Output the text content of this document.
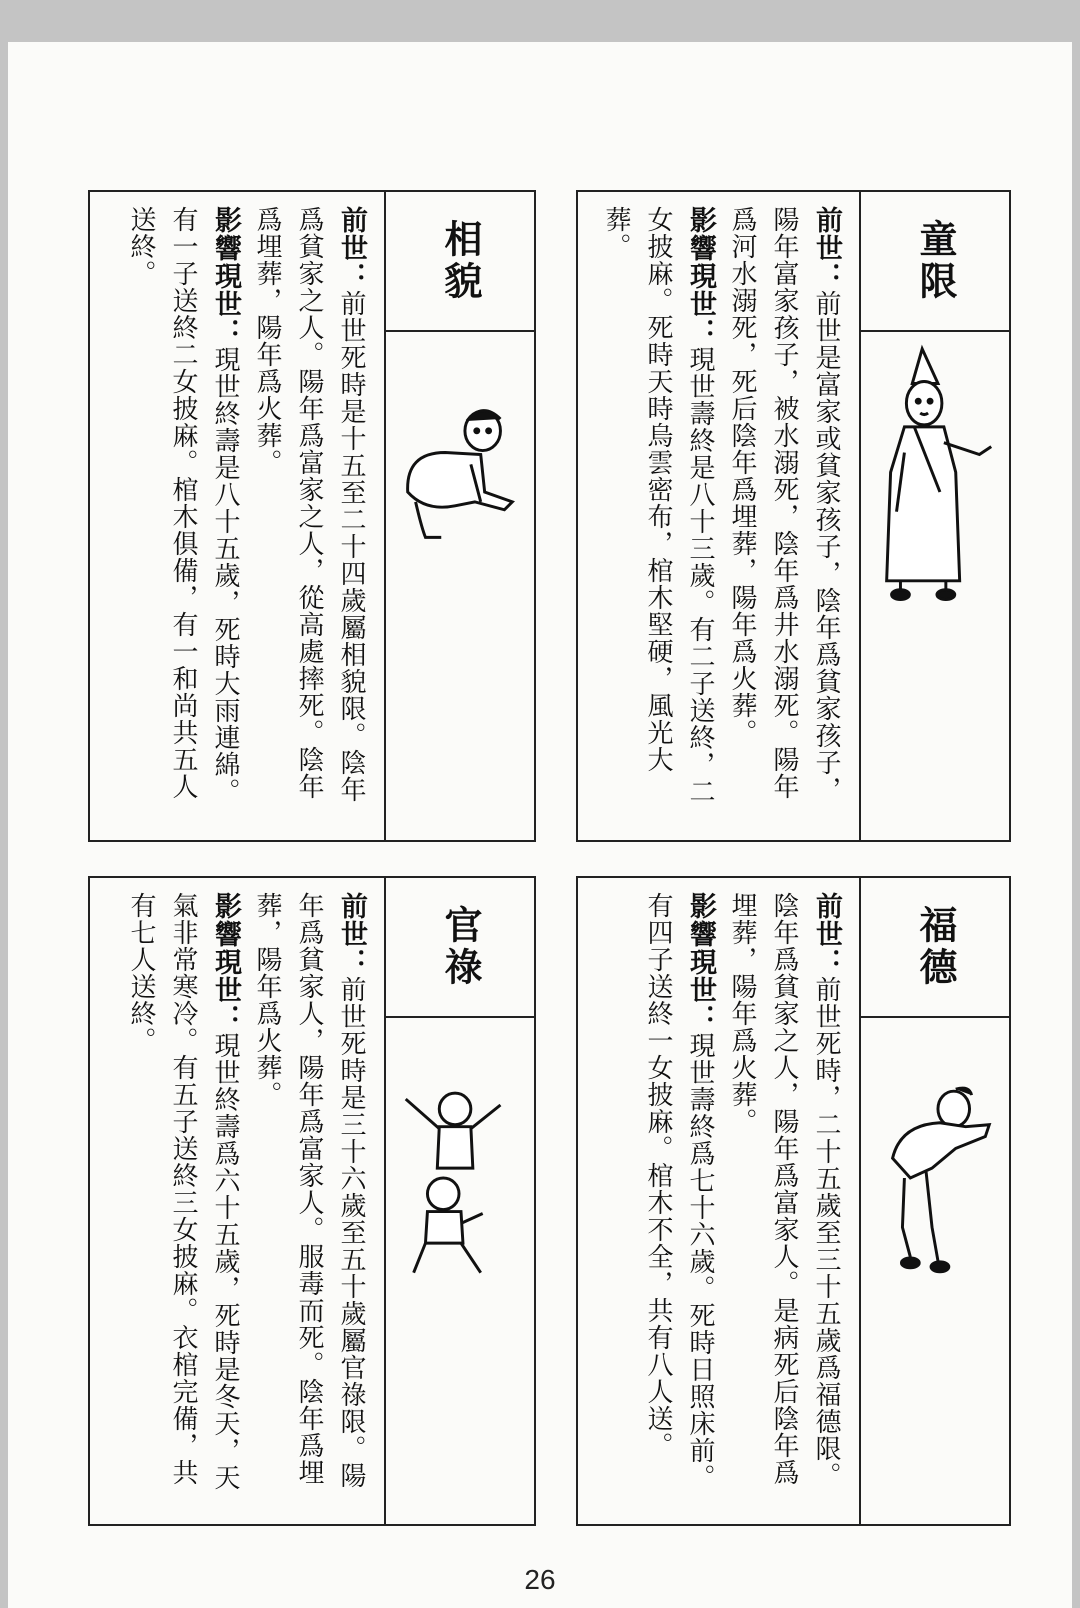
童限
前世：前世是富家或貧家孩子，陰年爲貧家孩子，陽年富家孩子，被水溺死，陰年爲井水溺死。陽年爲河水溺死，死后陰年爲埋葬，陽年爲火葬。
影響現世：現世壽終是八十三歲。有二子送終，二女披麻。死時天時烏雲密布，棺木堅硬，風光大葬。
相貌
前世：前世死時是十五至二十四歲屬相貌限。陰年爲貧家之人。陽年爲富家之人，從高處摔死。陰年爲埋葬，陽年爲火葬。
影響現世：現世終壽是八十五歲，死時大雨連綿。有一子送終二女披麻。棺木俱備，有一和尚共五人送終。
福德
前世：前世死時，二十五歲至三十五歲爲福德限。陰年爲貧家之人，陽年爲富家人。是病死后陰年爲埋葬，陽年爲火葬。
影響現世：現世壽終爲七十六歲。死時日照床前。有四子送終一女披麻。棺木不全，共有八人送。
官祿
前世：前世死時是三十六歲至五十歲屬官祿限。陽年爲貧家人，陽年爲富家人。服毒而死。陰年爲埋葬，陽年爲火葬。
影響現世：現世終壽爲六十五歲，死時是冬天，天氣非常寒冷。有五子送終三女披麻。衣棺完備，共有七人送終。
26
